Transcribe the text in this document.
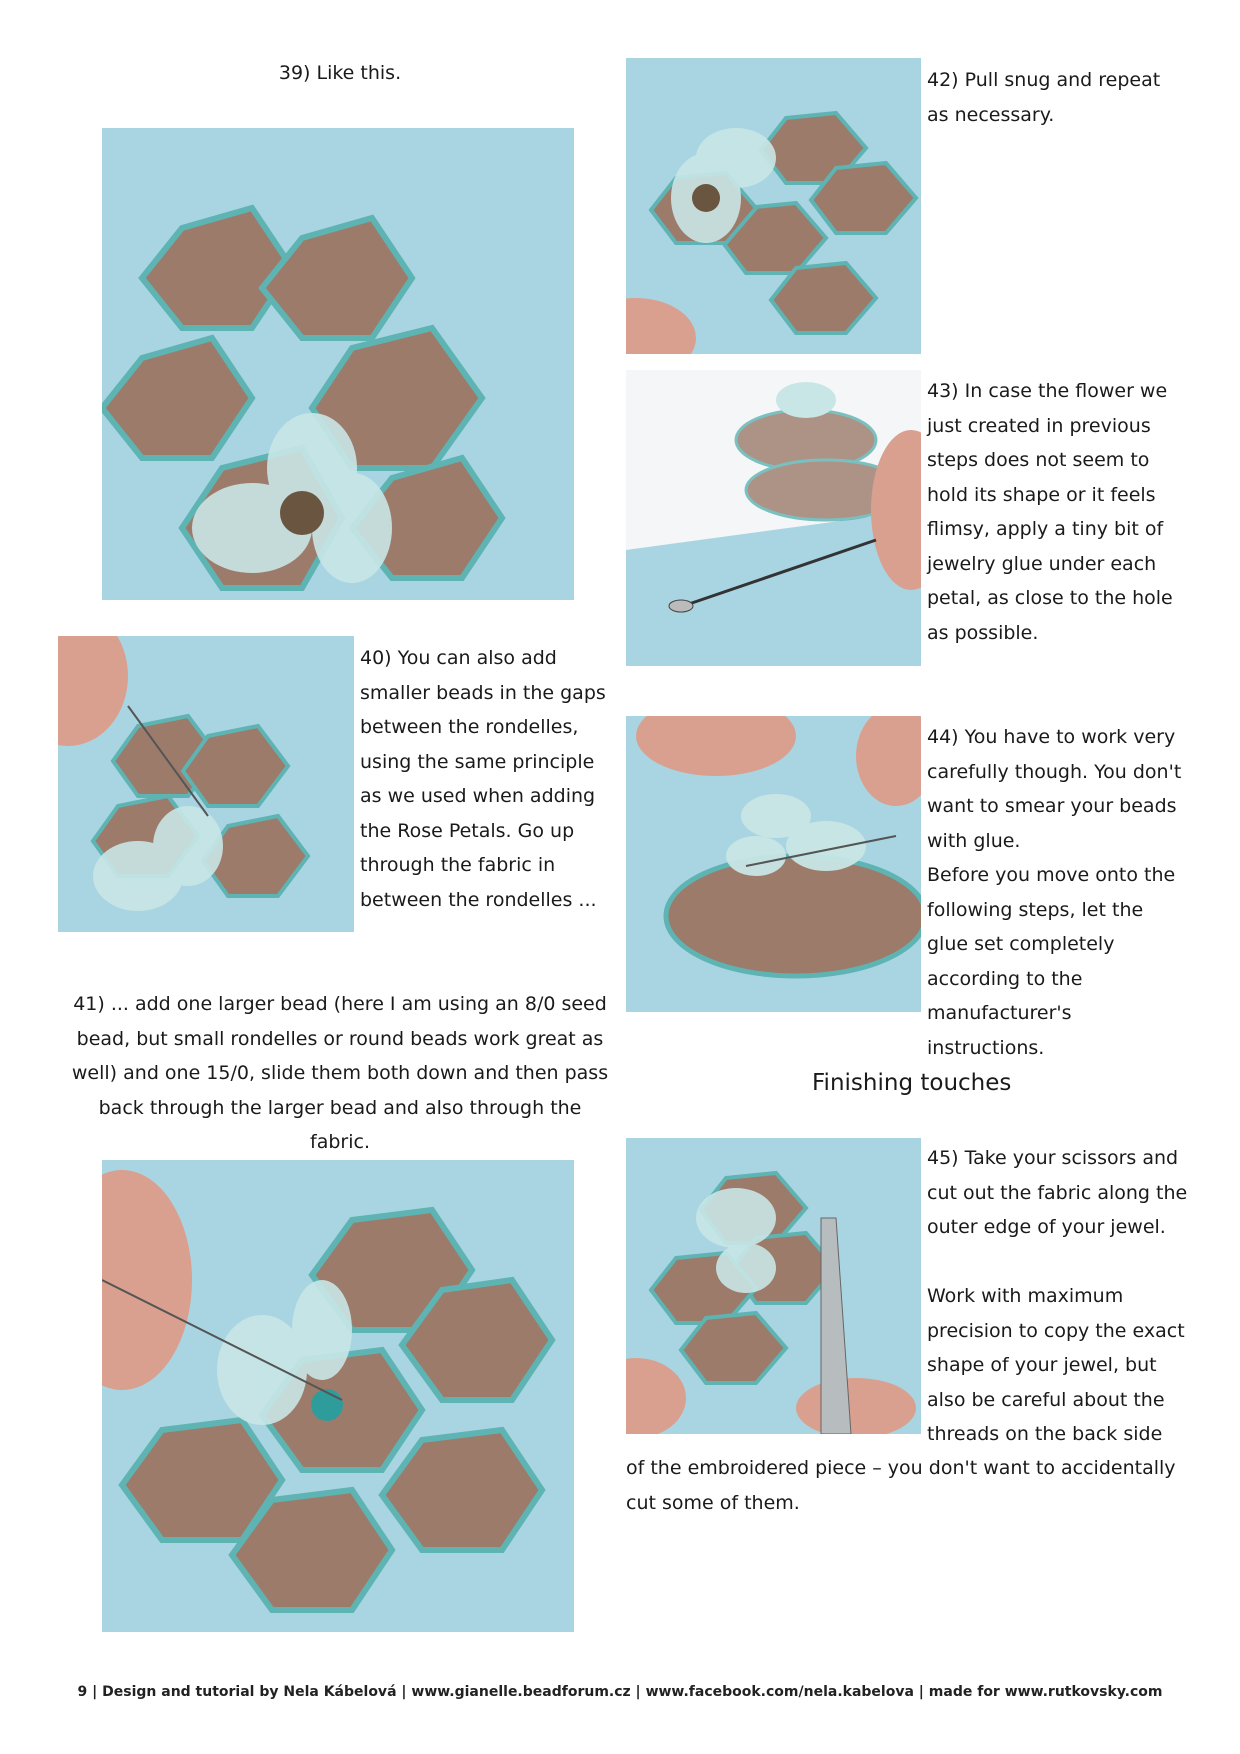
39) Like this.
40) You can also add smaller beads in the gaps between the rondelles, using the same principle as we used when adding the Rose Petals. Go up through the fabric in between the rondelles ...
41) ... add one larger bead (here I am using an 8/0 seed bead, but small rondelles or round beads work great as well) and one 15/0, slide them both down and then pass back through the larger bead and also through the fabric.
42) Pull snug and repeat as necessary.
43) In case the flower we just created in previous steps does not seem to hold its shape or it feels flimsy, apply a tiny bit of jewelry glue under each petal, as close to the hole as possible.
44) You have to work very carefully though. You don't want to smear your beads with glue.
Before you move onto the following steps, let the glue set completely according to the manufacturer's instructions.
Finishing touches
45) Take your scissors and cut out the fabric along the outer edge of your jewel.
Work with maximum precision to copy the exact shape of your jewel, but also be careful about the threads on the back side
of the embroidered piece – you don't want to accidentally cut some of them.
9 | Design and tutorial by Nela Kábelová | www.gianelle.beadforum.cz | www.facebook.com/nela.kabelova | made for www.rutkovsky.com
